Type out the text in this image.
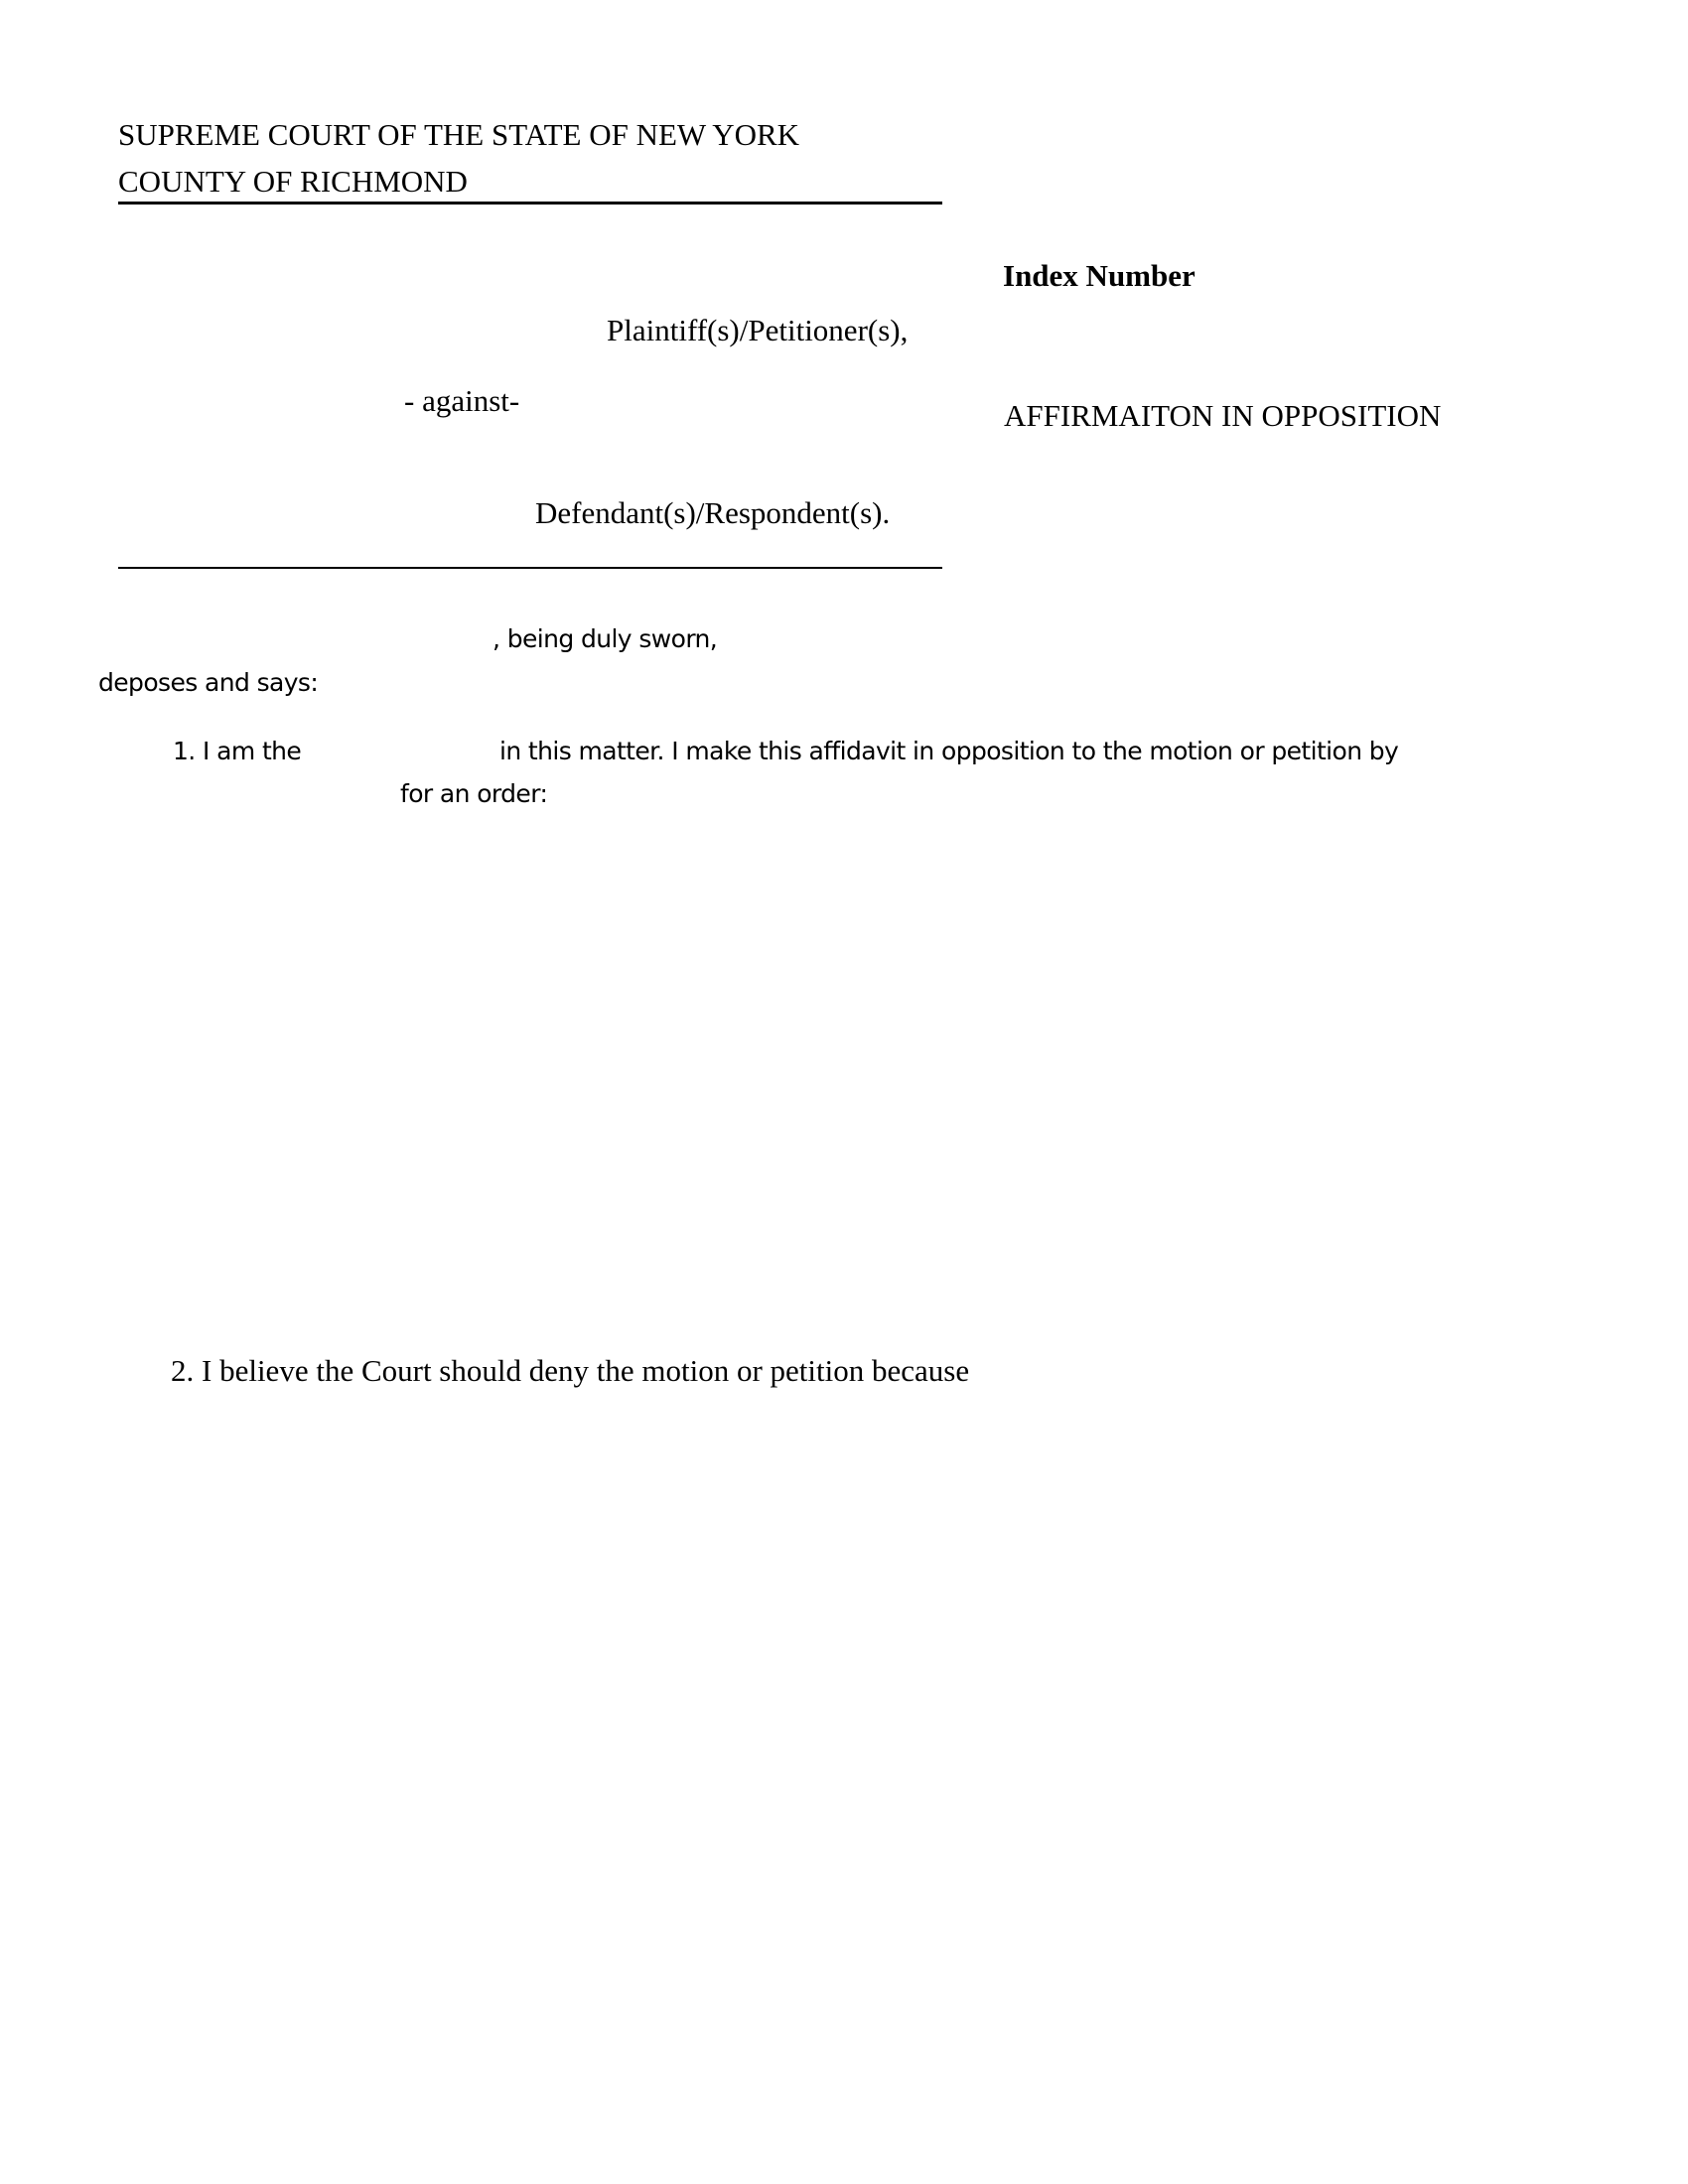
SUPREME COURT OF THE STATE OF NEW YORK
COUNTY OF RICHMOND
Index Number
Plaintiff(s)/Petitioner(s),
- against-	AFFIRMAITON IN OPPOSITION
Defendant(s)/Respondent(s).
, being duly sworn,
deposes and says:
1. I am the	in this matter. I make this affidavit in opposition to the motion or petition by
for an order:
2. I believe the Court should deny the motion or petition because
